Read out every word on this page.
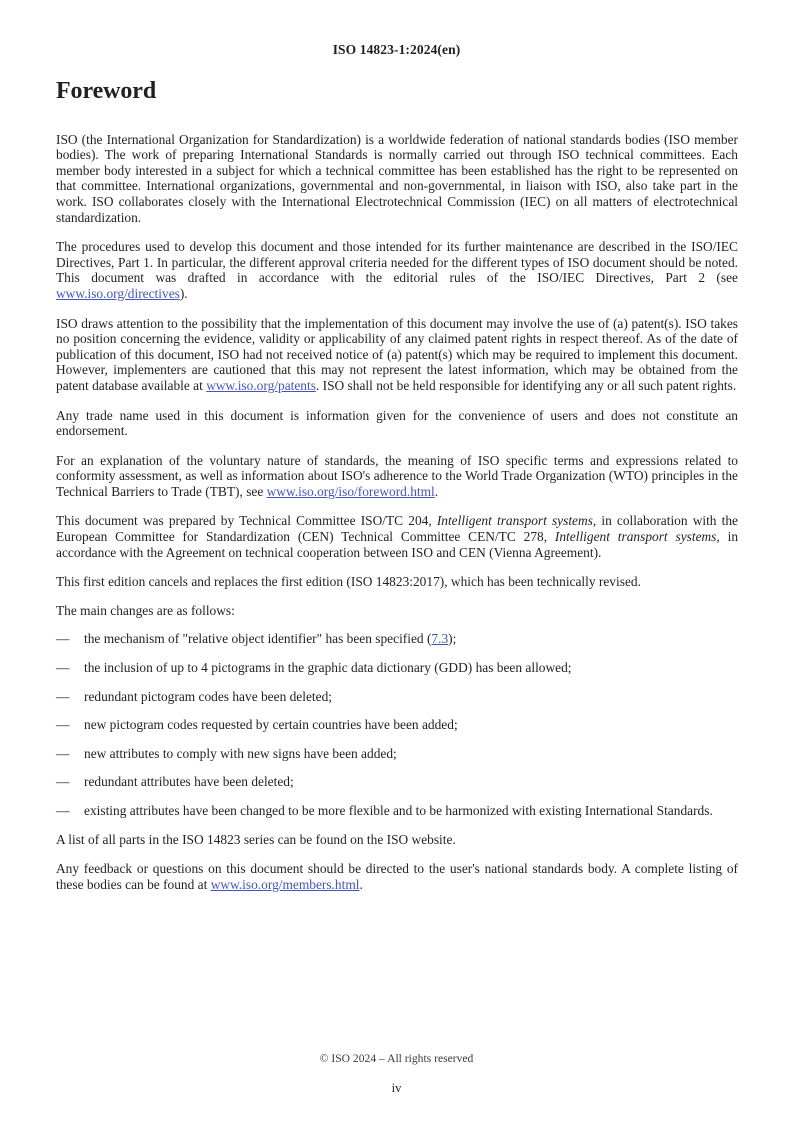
ISO 14823-1:2024(en)
Foreword

ISO (the International Organization for Standardization) is a worldwide federation of national standards bodies (ISO member bodies). The work of preparing International Standards is normally carried out through ISO technical committees. Each member body interested in a subject for which a technical committee has been established has the right to be represented on that committee. International organizations, governmental and non-governmental, in liaison with ISO, also take part in the work. ISO collaborates closely with the International Electrotechnical Commission (IEC) on all matters of electrotechnical standardization.

The procedures used to develop this document and those intended for its further maintenance are described in the ISO/IEC Directives, Part 1. In particular, the different approval criteria needed for the different types of ISO document should be noted. This document was drafted in accordance with the editorial rules of the ISO/IEC Directives, Part 2 (see www.iso.org/directives).

ISO draws attention to the possibility that the implementation of this document may involve the use of (a) patent(s). ISO takes no position concerning the evidence, validity or applicability of any claimed patent rights in respect thereof. As of the date of publication of this document, ISO had not received notice of (a) patent(s) which may be required to implement this document. However, implementers are cautioned that this may not represent the latest information, which may be obtained from the patent database available at www.iso.org/patents. ISO shall not be held responsible for identifying any or all such patent rights.

Any trade name used in this document is information given for the convenience of users and does not constitute an endorsement.

For an explanation of the voluntary nature of standards, the meaning of ISO specific terms and expressions related to conformity assessment, as well as information about ISO's adherence to the World Trade Organization (WTO) principles in the Technical Barriers to Trade (TBT), see www.iso.org/iso/foreword.html.

This document was prepared by Technical Committee ISO/TC 204, Intelligent transport systems, in collaboration with the European Committee for Standardization (CEN) Technical Committee CEN/TC 278, Intelligent transport systems, in accordance with the Agreement on technical cooperation between ISO and CEN (Vienna Agreement).

This first edition cancels and replaces the first edition (ISO 14823:2017), which has been technically revised.

The main changes are as follows:

—	the mechanism of "relative object identifier" has been specified (7.3);
—	the inclusion of up to 4 pictograms in the graphic data dictionary (GDD) has been allowed;
—	redundant pictogram codes have been deleted;
—	new pictogram codes requested by certain countries have been added;
—	new attributes to comply with new signs have been added;
—	redundant attributes have been deleted;
—	existing attributes have been changed to be more flexible and to be harmonized with existing International Standards.

A list of all parts in the ISO 14823 series can be found on the ISO website.

Any feedback or questions on this document should be directed to the user's national standards body. A complete listing of these bodies can be found at www.iso.org/members.html.

© ISO 2024 – All rights reserved
iv
